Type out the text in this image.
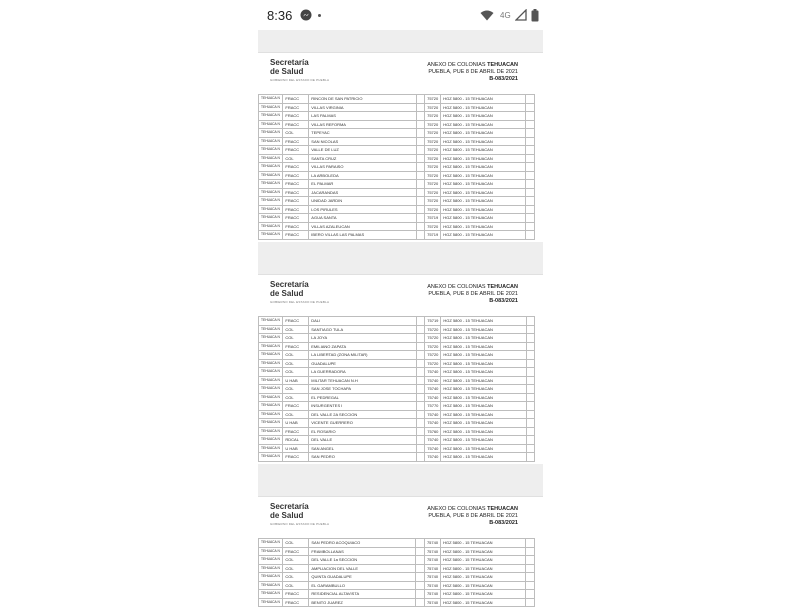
8:36	4G
Secretaría
de Salud
GOBIERNO DEL ESTADO DE PUEBLA
ANEXO DE COLONIAS TEHUACAN
PUEBLA, PUE 8 DE ABRIL DE 2021
B-083/2021
TEHUACA N	FRACC	RINCON DE SAN PATRICIO		75720	HGZ 5800 - 15 TEHUACAN	
TEHUACA N	FRACC	VILLAS VIRGINIA		75720	HGZ 5800 - 15 TEHUACAN	
TEHUACA N	FRACC	LAS PALMAS		75720	HGZ 5800 - 15 TEHUACAN	
TEHUACA N	FRACC	VILLAS REFORMA		75720	HGZ 5800 - 15 TEHUACAN	
TEHUACA N	COL	TEPEYAC		75720	HGZ 5800 - 15 TEHUACAN	
TEHUACA N	FRACC	SAN NICOLAS		75720	HGZ 5800 - 15 TEHUACAN	
TEHUACA N	FRACC	VALLE DE LUZ		75720	HGZ 5800 - 15 TEHUACAN	
TEHUACA N	COL	SANTA CRUZ		75720	HGZ 5800 - 15 TEHUACAN	
TEHUACA N	FRACC	VILLAS PARAISO		75720	HGZ 5800 - 15 TEHUACAN	
TEHUACA N	FRACC	LA ARBOLEDA		75720	HGZ 5800 - 15 TEHUACAN	
TEHUACA N	FRACC	EL PALMAR		75720	HGZ 5800 - 15 TEHUACAN	
TEHUACA N	FRACC	JACARANDAS		75720	HGZ 5800 - 15 TEHUACAN	
TEHUACA N	FRACC	UNIDAD JARDIN		75720	HGZ 5800 - 15 TEHUACAN	
TEHUACA N	FRACC	LOS PIRULES		75720	HGZ 5800 - 15 TEHUACAN	
TEHUACA N	FRACC	AGUA SANTA		75719	HGZ 5800 - 15 TEHUACAN	
TEHUACA N	FRACC	VILLAS AZALEUCAN		75720	HGZ 5800 - 15 TEHUACAN	
TEHUACA N	FRACC	IBERO VILLAS LAS PALMAS		75719	HGZ 5800 - 15 TEHUACAN	
Secretaría
de Salud
GOBIERNO DEL ESTADO DE PUEBLA
ANEXO DE COLONIAS TEHUACAN
PUEBLA, PUE 8 DE ABRIL DE 2021
B-083/2021
TEHUACA N	FRACC	DALI		75719	HGZ 5800 - 15 TEHUACAN	
TEHUACA N	COL	SANTIAGO TULA		75720	HGZ 5800 - 15 TEHUACAN	
TEHUACA N	COL	LA JOYA		75720	HGZ 5800 - 15 TEHUACAN	
TEHUACA N	FRACC	EMILIANO ZAPATA		75720	HGZ 5800 - 15 TEHUACAN	
TEHUACA N	COL	LA LIBERTAD (ZONA MILITAR)		75720	HGZ 5800 - 15 TEHUACAN	
TEHUACA N	COL	GUADALUPE		75720	HGZ 5800 - 15 TEHUACAN	
TEHUACA N	COL	LA GUERRADORA		75740	HGZ 5800 - 15 TEHUACAN	
TEHUACA N	U HAB	MILITAR TEHUACAN N.H		75740	HGZ 5800 - 15 TEHUACAN	
TEHUACA N	COL	SAN JOSE TOCHAPA		75740	HGZ 5800 - 15 TEHUACAN	
TEHUACA N	COL	EL PEDREGAL		75740	HGZ 5800 - 15 TEHUACAN	
TEHUACA N	FRACC	INSURGENTES I		75770	HGZ 5800 - 15 TEHUACAN	
TEHUACA N	COL	DEL VALLE 2A SECCION		75740	HGZ 5800 - 15 TEHUACAN	
TEHUACA N	U HAB	VICENTE GUERRERO		75740	HGZ 5800 - 15 TEHUACAN	
TEHUACA N	FRACC	EL ROSARIO		75760	HGZ 5800 - 15 TEHUACAN	
TEHUACA N	RDCAL	DEL VALLE		75740	HGZ 5800 - 15 TEHUACAN	
TEHUACA N	U HAB	SAN ANGEL		75740	HGZ 5800 - 15 TEHUACAN	
TEHUACA N	FRACC	SAN PEDRO		75740	HGZ 5800 - 15 TEHUACAN	
Secretaría
de Salud
GOBIERNO DEL ESTADO DE PUEBLA
ANEXO DE COLONIAS TEHUACAN
PUEBLA, PUE 8 DE ABRIL DE 2021
B-083/2021
TEHUACA N	COL	SAN PEDRO ACOQUIACO		75740	HGZ 5800 - 15 TEHUACAN	
TEHUACA N	FRACC	FRAMBOLLANAS		75740	HGZ 5800 - 15 TEHUACAN	
TEHUACA N	COL	DEL VALLE 1a SECCION		75740	HGZ 5800 - 15 TEHUACAN	
TEHUACA N	COL	AMPLIACION DEL VALLE		75740	HGZ 5800 - 15 TEHUACAN	
TEHUACA N	COL	QUINTA GUADALUPE		75740	HGZ 5800 - 15 TEHUACAN	
TEHUACA N	COL	EL GARAMBULLO		75740	HGZ 5800 - 15 TEHUACAN	
TEHUACA N	FRACC	RESIDENCIAL ALTAVISTA		75740	HGZ 5800 - 15 TEHUACAN	
TEHUACA N	FRACC	BENITO JUAREZ		75740	HGZ 5800 - 15 TEHUACAN	
